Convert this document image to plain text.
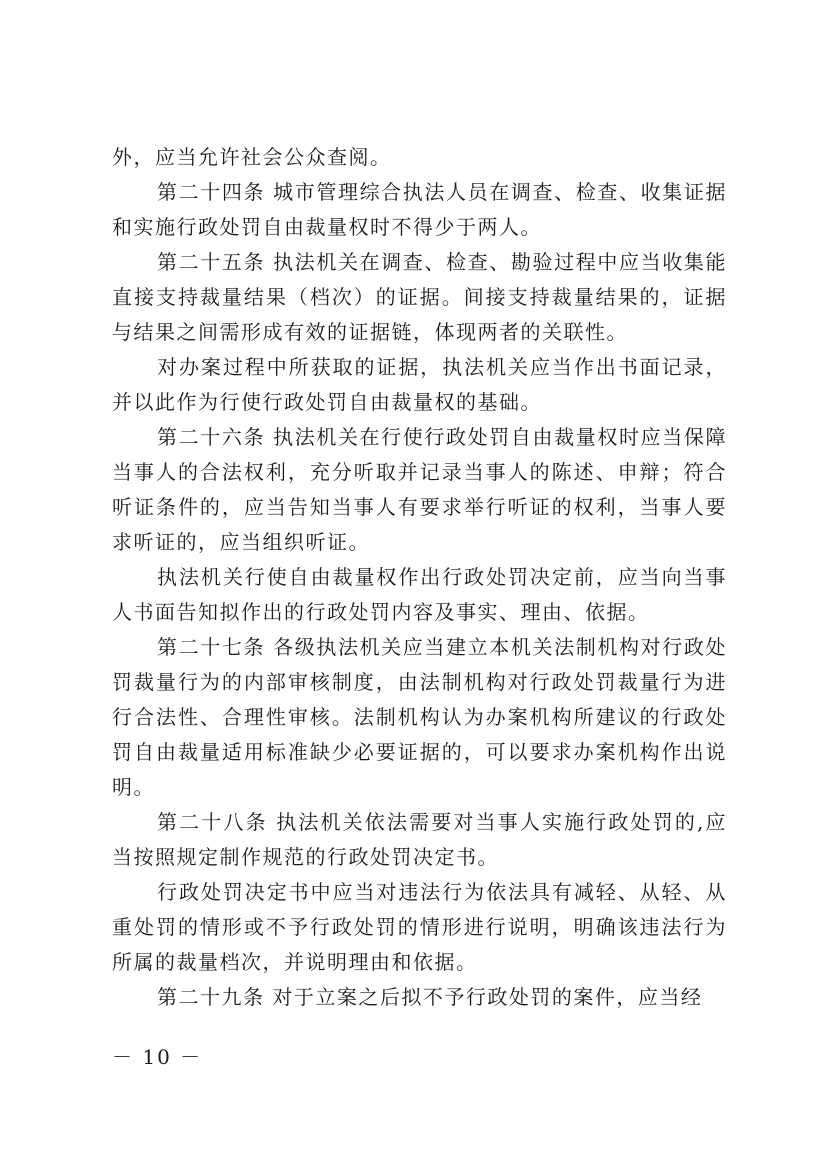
外，应当允许社会公众查阅。

第二十四条 城市管理综合执法人员在调查、检查、收集证据和实施行政处罚自由裁量权时不得少于两人。

第二十五条 执法机关在调查、检查、勘验过程中应当收集能直接支持裁量结果（档次）的证据。间接支持裁量结果的，证据与结果之间需形成有效的证据链，体现两者的关联性。

对办案过程中所获取的证据，执法机关应当作出书面记录，并以此作为行使行政处罚自由裁量权的基础。

第二十六条 执法机关在行使行政处罚自由裁量权时应当保障当事人的合法权利，充分听取并记录当事人的陈述、申辩；符合听证条件的，应当告知当事人有要求举行听证的权利，当事人要求听证的，应当组织听证。

执法机关行使自由裁量权作出行政处罚决定前，应当向当事人书面告知拟作出的行政处罚内容及事实、理由、依据。

第二十七条 各级执法机关应当建立本机关法制机构对行政处罚裁量行为的内部审核制度，由法制机构对行政处罚裁量行为进行合法性、合理性审核。法制机构认为办案机构所建议的行政处罚自由裁量适用标准缺少必要证据的，可以要求办案机构作出说明。

第二十八条 执法机关依法需要对当事人实施行政处罚的,应当按照规定制作规范的行政处罚决定书。

行政处罚决定书中应当对违法行为依法具有减轻、从轻、从重处罚的情形或不予行政处罚的情形进行说明，明确该违法行为所属的裁量档次，并说明理由和依据。

第二十九条 对于立案之后拟不予行政处罚的案件，应当经

－ 10 －
